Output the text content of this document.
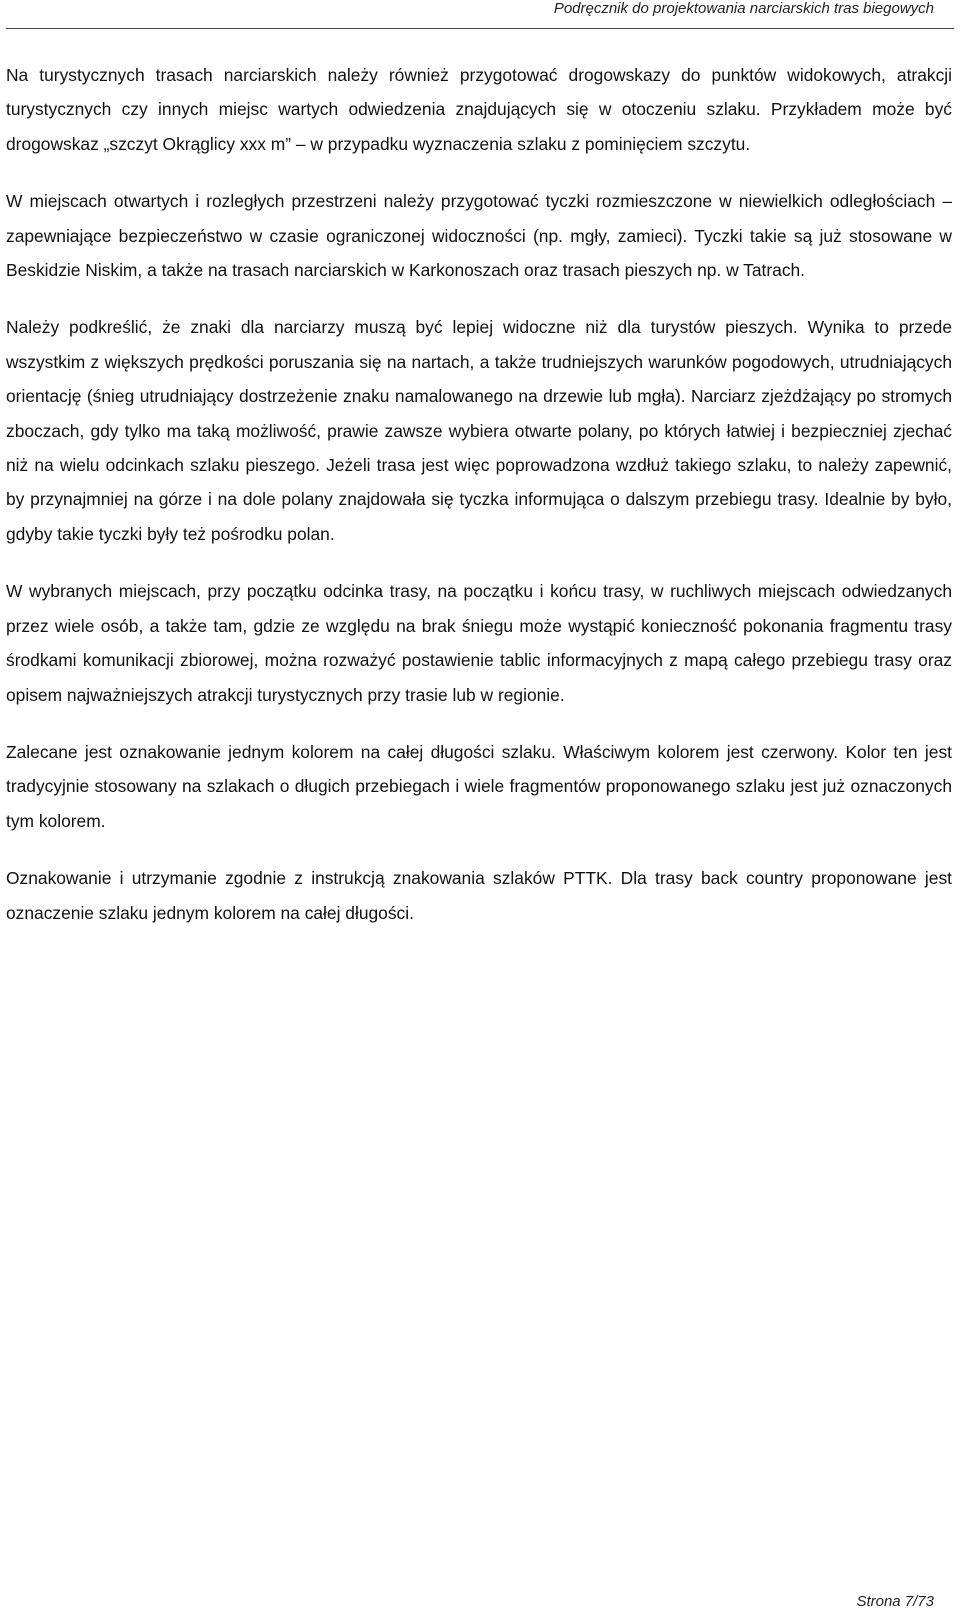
Podręcznik do projektowania narciarskich tras biegowych

Na turystycznych trasach narciarskich należy również przygotować drogowskazy do punktów widokowych, atrakcji turystycznych czy innych miejsc wartych odwiedzenia znajdujących się w otoczeniu szlaku. Przykładem może być drogowskaz „szczyt Okrąglicy xxx m” – w przypadku wyznaczenia szlaku z pominięciem szczytu.

W miejscach otwartych i rozległych przestrzeni należy przygotować tyczki rozmieszczone w niewielkich odległościach – zapewniające bezpieczeństwo w czasie ograniczonej widoczności (np. mgły, zamieci). Tyczki takie są już stosowane w Beskidzie Niskim, a także na trasach narciarskich w Karkonoszach oraz trasach pieszych np. w Tatrach.

Należy podkreślić, że znaki dla narciarzy muszą być lepiej widoczne niż dla turystów pieszych. Wynika to przede wszystkim z większych prędkości poruszania się na nartach, a także trudniejszych warunków pogodowych, utrudniających orientację (śnieg utrudniający dostrzeżenie znaku namalowanego na drzewie lub mgła). Narciarz zjeżdżający po stromych zboczach, gdy tylko ma taką możliwość, prawie zawsze wybiera otwarte polany, po których łatwiej i bezpieczniej zjechać niż na wielu odcinkach szlaku pieszego. Jeżeli trasa jest więc poprowadzona wzdłuż takiego szlaku, to należy zapewnić, by przynajmniej na górze i na dole polany znajdowała się tyczka informująca o dalszym przebiegu trasy. Idealnie by było, gdyby takie tyczki były też pośrodku polan.

W wybranych miejscach, przy początku odcinka trasy, na początku i końcu trasy, w ruchliwych miejscach odwiedzanych przez wiele osób, a także tam, gdzie ze względu na brak śniegu może wystąpić konieczność pokonania fragmentu trasy środkami komunikacji zbiorowej, można rozważyć postawienie tablic informacyjnych z mapą całego przebiegu trasy oraz opisem najważniejszych atrakcji turystycznych przy trasie lub w regionie.

Zalecane jest oznakowanie jednym kolorem na całej długości szlaku. Właściwym kolorem jest czerwony. Kolor ten jest tradycyjnie stosowany na szlakach o długich przebiegach i wiele fragmentów proponowanego szlaku jest już oznaczonych tym kolorem.

Oznakowanie i utrzymanie zgodnie z instrukcją znakowania szlaków PTTK. Dla trasy back country proponowane jest oznaczenie szlaku jednym kolorem na całej długości.

Strona 7/73
